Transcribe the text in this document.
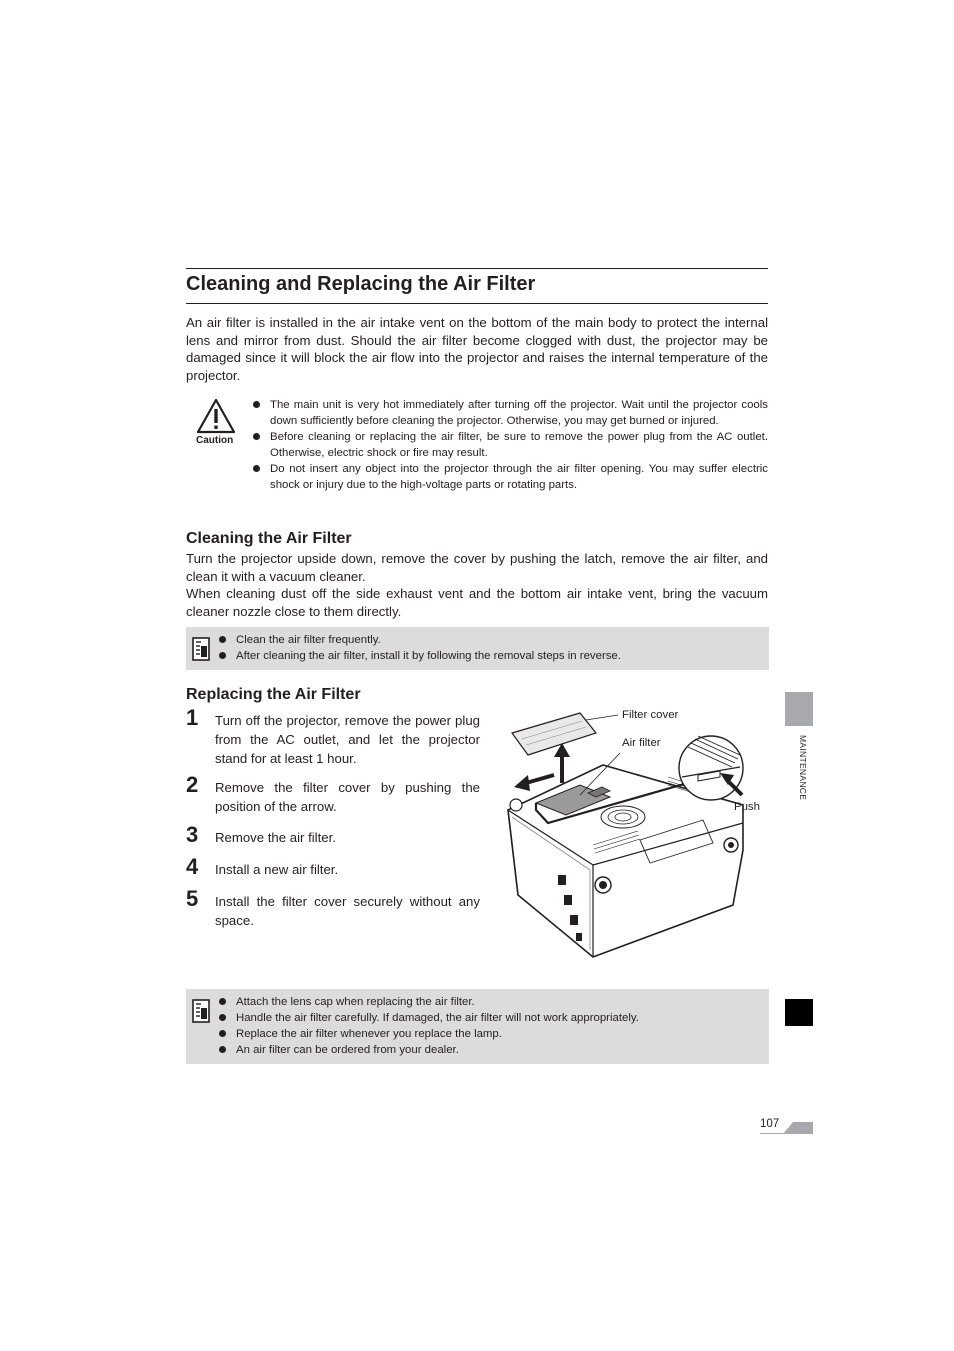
Cleaning and Replacing the Air Filter

An air filter is installed in the air intake vent on the bottom of the main body to protect the internal lens and mirror from dust. Should the air filter become clogged with dust, the projector may be damaged since it will block the air flow into the projector and raises the internal temperature of the projector.

Caution
The main unit is very hot immediately after turning off the projector. Wait until the projector cools down sufficiently before cleaning the projector. Otherwise, you may get burned or injured.
Before cleaning or replacing the air filter, be sure to remove the power plug from the AC outlet. Otherwise, electric shock or fire may result.
Do not insert any object into the projector through the air filter opening. You may suffer electric shock or injury due to the high-voltage parts or rotating parts.
Cleaning the Air Filter

Turn the projector upside down, remove the cover by pushing the latch, remove the air filter, and clean it with a vacuum cleaner.

When cleaning dust off the side exhaust vent and the bottom air intake vent, bring the vacuum cleaner nozzle close to them directly.

Clean the air filter frequently.
After cleaning the air filter, install it by following the removal steps in reverse.
Replacing the Air Filter
1 Turn off the projector, remove the power plug from the AC outlet, and let the projector stand for at least 1 hour.
2 Remove the filter cover by pushing the position of the arrow.
3 Remove the air filter.
4 Install a new air filter.
5 Install the filter cover securely without any space.
Filter cover
Air filter
Push
Attach the lens cap when replacing the air filter.
Handle the air filter carefully. If damaged, the air filter will not work appropriately.
Replace the air filter whenever you replace the lamp.
An air filter can be ordered from your dealer.
MAINTENANCE
107
